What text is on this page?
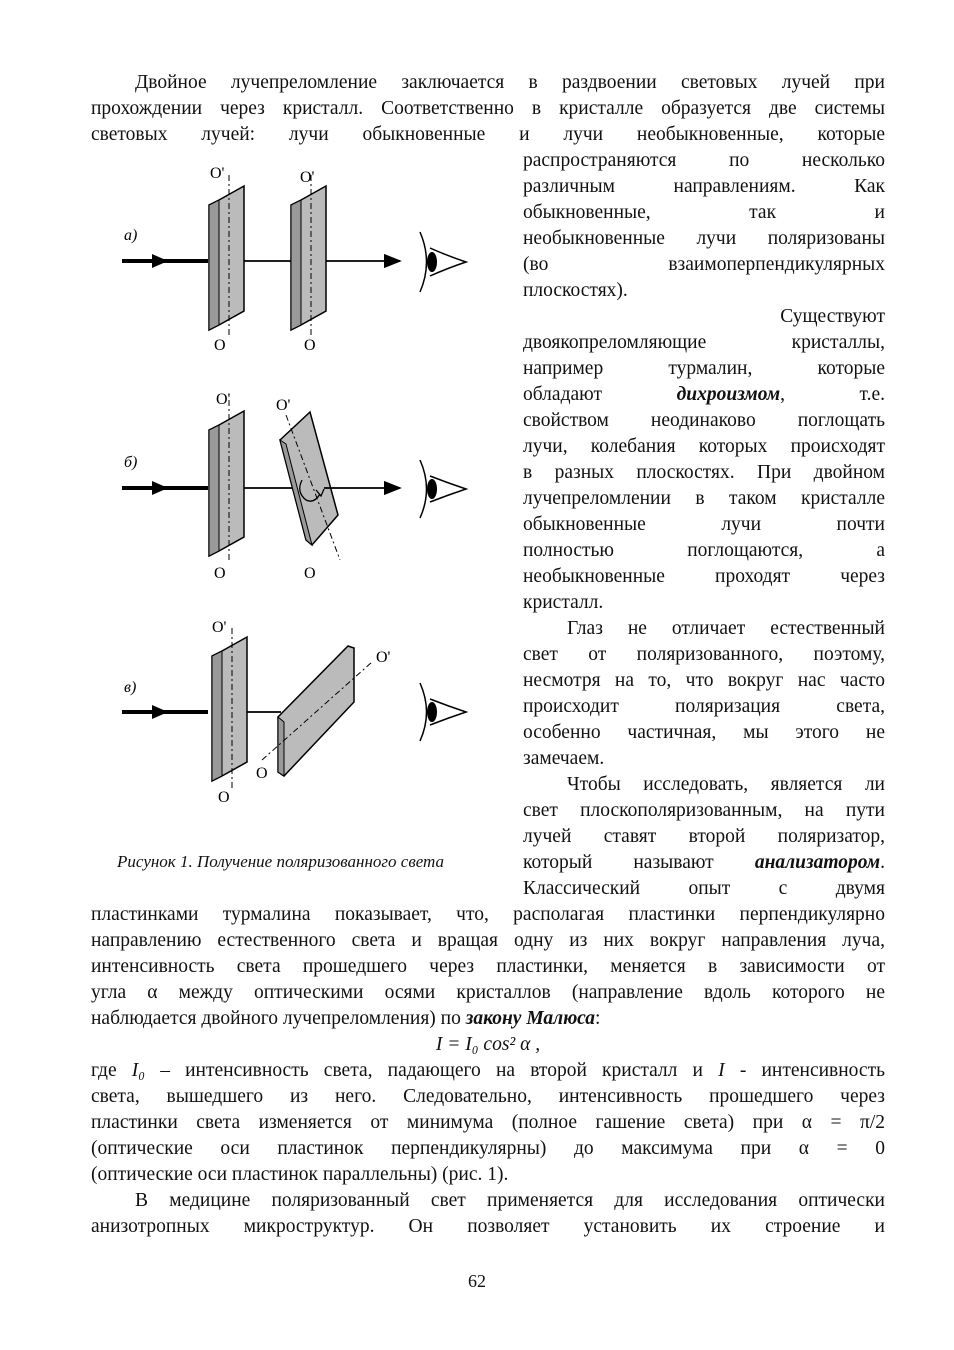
Двойное лучепреломление заключается в раздвоении световых лучей при
прохождении через кристалл. Соответственно в кристалле образуется две системы
световых лучей: лучи обыкновенные и лучи необыкновенные, которые
распространяются по несколько
различным направлениям. Как
обыкновенные, так и
необыкновенные лучи поляризованы
(во взаимоперпендикулярных
плоскостях).
Существуют
двоякопреломляющие кристаллы,
например турмалин, которые
обладают	дихроизмом, т.е.
свойством неодинаково поглощать
лучи, колебания которых происходят
в разных плоскостях. При двойном
лучепреломлении в таком кристалле
обыкновенные лучи почти
полностью поглощаются, а
необыкновенные проходят через
кристалл.
Глаз не отличает естественный
свет от поляризованного, поэтому,
несмотря на то, что вокруг нас часто
происходит поляризация света,
особенно частичная, мы этого не
замечаем.
Чтобы исследовать, является ли
свет плоскополяризованным, на пути
лучей ставят второй поляризатор,
который называют анализатором.
Классический опыт с двумя
пластинками турмалина показывает, что, располагая пластинки перпендикулярно
направлению естественного света и вращая одну из них вокруг направления луча,
интенсивность света прошедшего через пластинки, меняется в зависимости от
угла α между оптическими осями кристаллов (направление вдоль которого не
наблюдается двойного лучепреломления) по закону Малюса:
I = I₀ cos² α ,
где I₀ – интенсивность света, падающего на второй кристалл и I - интенсивность
света, вышедшего из него. Следовательно, интенсивность прошедшего через
пластинки света изменяется от минимума (полное гашение света) при α = π/2
(оптические оси пластинок перпендикулярны) до максимума при α = 0
(оптические оси пластинок параллельны) (рис. 1).
В медицине поляризованный свет применяется для исследования оптически
анизотропных микроструктур. Он позволяет установить их строение и
а)
O'
O
O'
O
б)
O'
O
O'
O
в)
O'
O
O'
O
Рисунок 1. Получение поляризованного света
62
